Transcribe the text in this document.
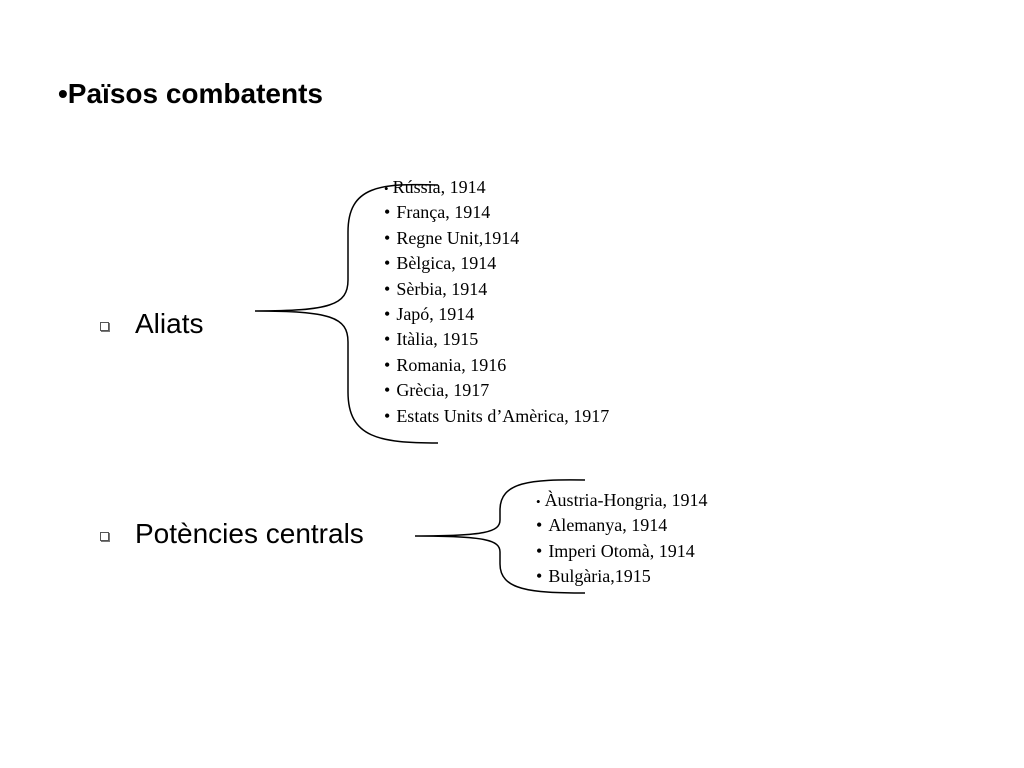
•Països combatents
Aliats
• Rússia, 1914
• França, 1914
• Regne Unit,1914
• Bèlgica, 1914
• Sèrbia, 1914
• Japó, 1914
• Itàlia, 1915
• Romania, 1916
• Grècia, 1917
• Estats Units d’Amèrica, 1917
Potències centrals
• Àustria-Hongria, 1914
• Alemanya, 1914
• Imperi Otomà, 1914
• Bulgària,1915
